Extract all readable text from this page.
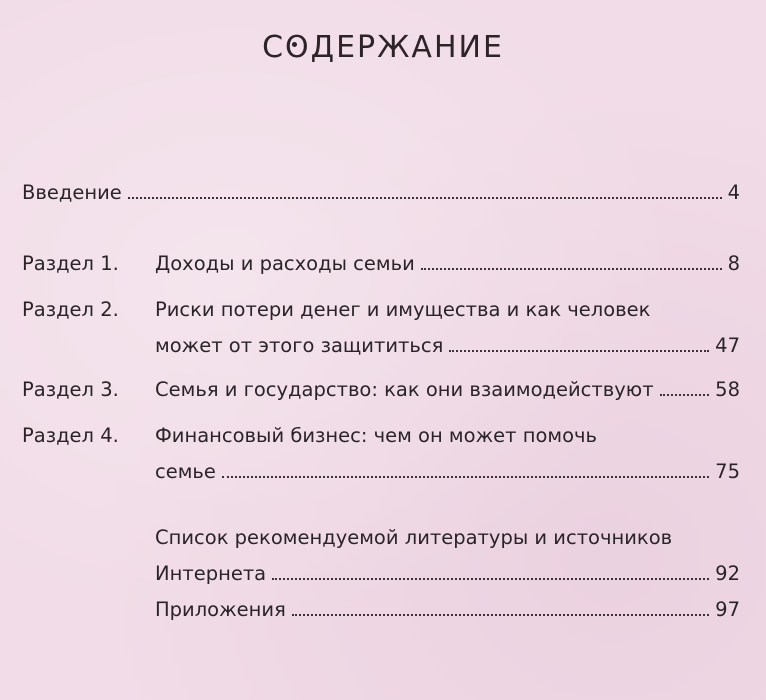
СОДЕРЖАНИЕ
Введение	4
Раздел 1. Доходы и расходы семьи	8
Раздел 2. Риски потери денег и имущества и как человек
может от этого защититься	47
Раздел 3. Семья и государство: как они взаимодействуют	58
Раздел 4. Финансовый бизнес: чем он может помочь
семье	75
Список рекомендуемой литературы и источников
Интернета	92
Приложения	97
